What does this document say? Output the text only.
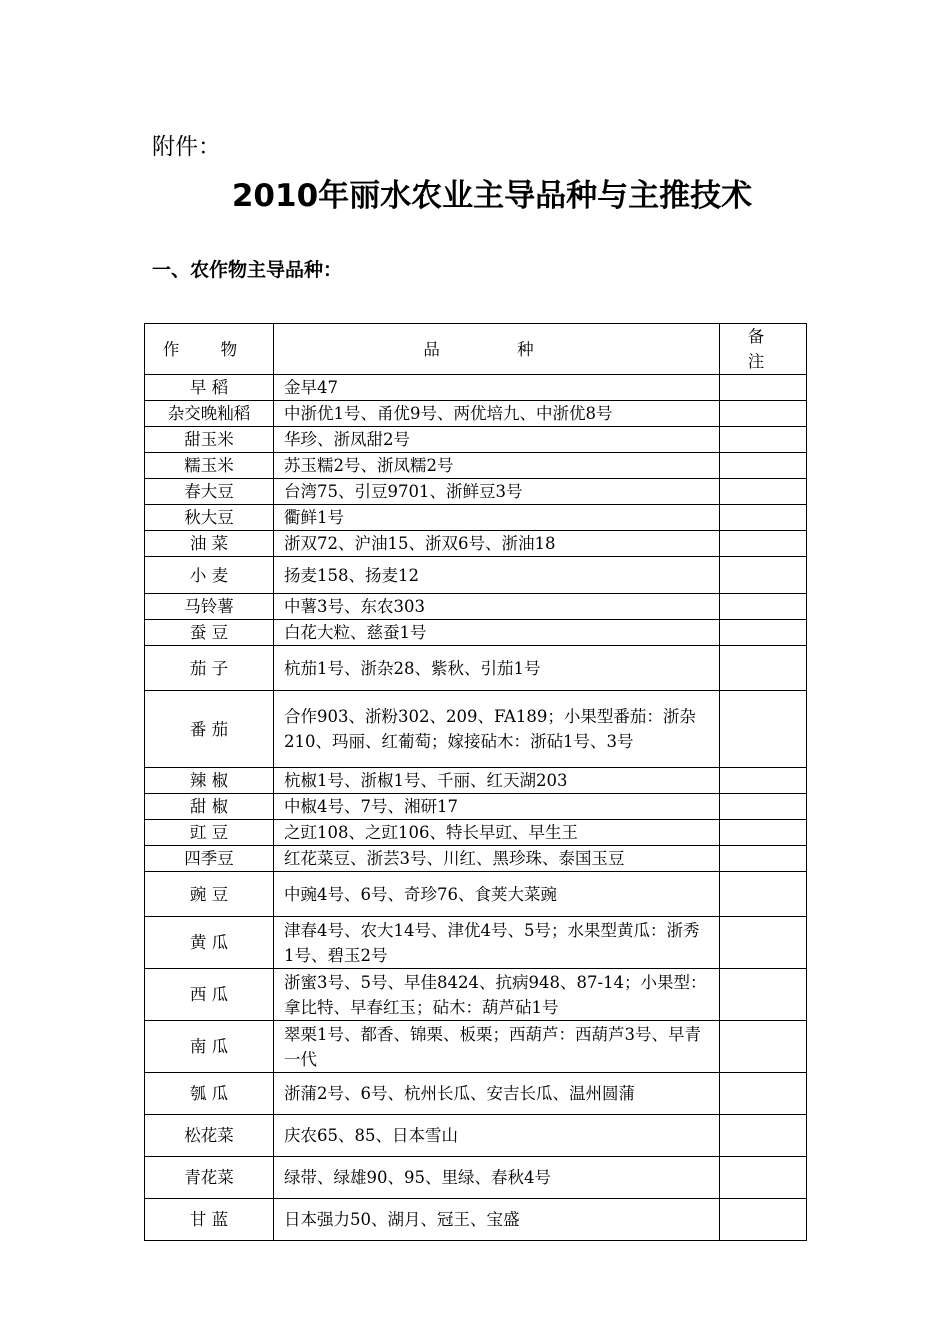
附件：
2010年丽水农业主导品种与主推技术
一、农作物主导品种：
作 物	品 种	备 注
早 稻	金早47	
杂交晚籼稻	中浙优1号、甬优9号、两优培九、中浙优8号	
甜玉米	华珍、浙凤甜2号	
糯玉米	苏玉糯2号、浙凤糯2号	
春大豆	台湾75、引豆9701、浙鲜豆3号	
秋大豆	衢鲜1号	
油 菜	浙双72、沪油15、浙双6号、浙油18	
小 麦	扬麦158、扬麦12	
马铃薯	中薯3号、东农303	
蚕 豆	白花大粒、慈蚕1号	
茄 子	杭茄1号、浙杂28、紫秋、引茄1号	
番 茄	合作903、浙粉302、209、FA189；小果型番茄：浙杂210、玛丽、红葡萄；嫁接砧木：浙砧1号、3号	
辣 椒	杭椒1号、浙椒1号、千丽、红天湖203	
甜 椒	中椒4号、7号、湘研17	
豇 豆	之豇108、之豇106、特长早豇、早生王	
四季豆	红花菜豆、浙芸3号、川红、黑珍珠、泰国玉豆	
豌 豆	中豌4号、6号、奇珍76、食荚大菜豌	
黄 瓜	津春4号、农大14号、津优4号、5号；水果型黄瓜：浙秀1号、碧玉2号	
西 瓜	浙蜜3号、5号、早佳8424、抗病948、87-14；小果型：拿比特、早春红玉；砧木：葫芦砧1号	
南 瓜	翠栗1号、都香、锦栗、板栗；西葫芦：西葫芦3号、早青一代	
瓠 瓜	浙蒲2号、6号、杭州长瓜、安吉长瓜、温州圆蒲	
松花菜	庆农65、85、日本雪山	
青花菜	绿带、绿雄90、95、里绿、春秋4号	
甘 蓝	日本强力50、湖月、冠王、宝盛	
